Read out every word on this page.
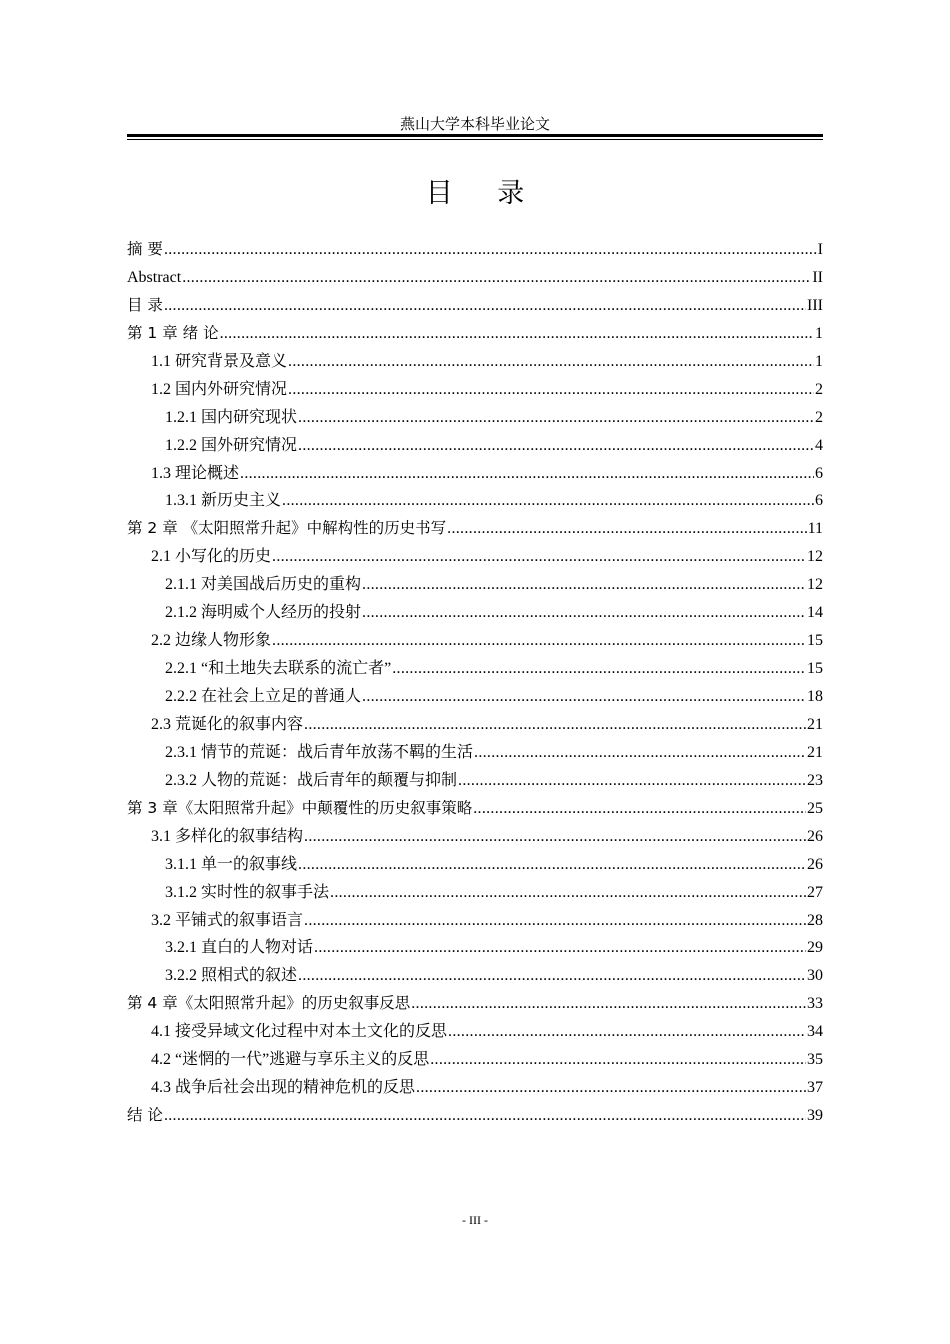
燕山大学本科毕业论文
目 录
摘 要 .....	I
Abstract .....	II
目 录 .....	III
第 1 章 绪 论 .....	1
1.1 研究背景及意义 .....	1
1.2 国内外研究情况 .....	2
1.2.1 国内研究现状 .....	2
1.2.2 国外研究情况 .....	4
1.3 理论概述 .....	6
1.3.1 新历史主义 .....	6
第 2 章 《太阳照常升起》中解构性的历史书写 .....	11
2.1 小写化的历史 .....	12
2.1.1 对美国战后历史的重构 .....	12
2.1.2 海明威个人经历的投射 .....	14
2.2 边缘人物形象 .....	15
2.2.1 “和土地失去联系的流亡者” .....	15
2.2.2 在社会上立足的普通人 .....	18
2.3 荒诞化的叙事内容 .....	21
2.3.1 情节的荒诞：战后青年放荡不羁的生活 .....	21
2.3.2 人物的荒诞：战后青年的颠覆与抑制 .....	23
第 3 章《太阳照常升起》中颠覆性的历史叙事策略 .....	25
3.1 多样化的叙事结构 .....	26
3.1.1 单一的叙事线 .....	26
3.1.2 实时性的叙事手法 .....	27
3.2 平铺式的叙事语言 .....	28
3.2.1 直白的人物对话 .....	29
3.2.2 照相式的叙述 .....	30
第 4 章《太阳照常升起》的历史叙事反思 .....	33
4.1 接受异域文化过程中对本土文化的反思 .....	34
4.2 “迷惘的一代”逃避与享乐主义的反思 .....	35
4.3 战争后社会出现的精神危机的反思 .....	37
结 论 .....	39
- III -
